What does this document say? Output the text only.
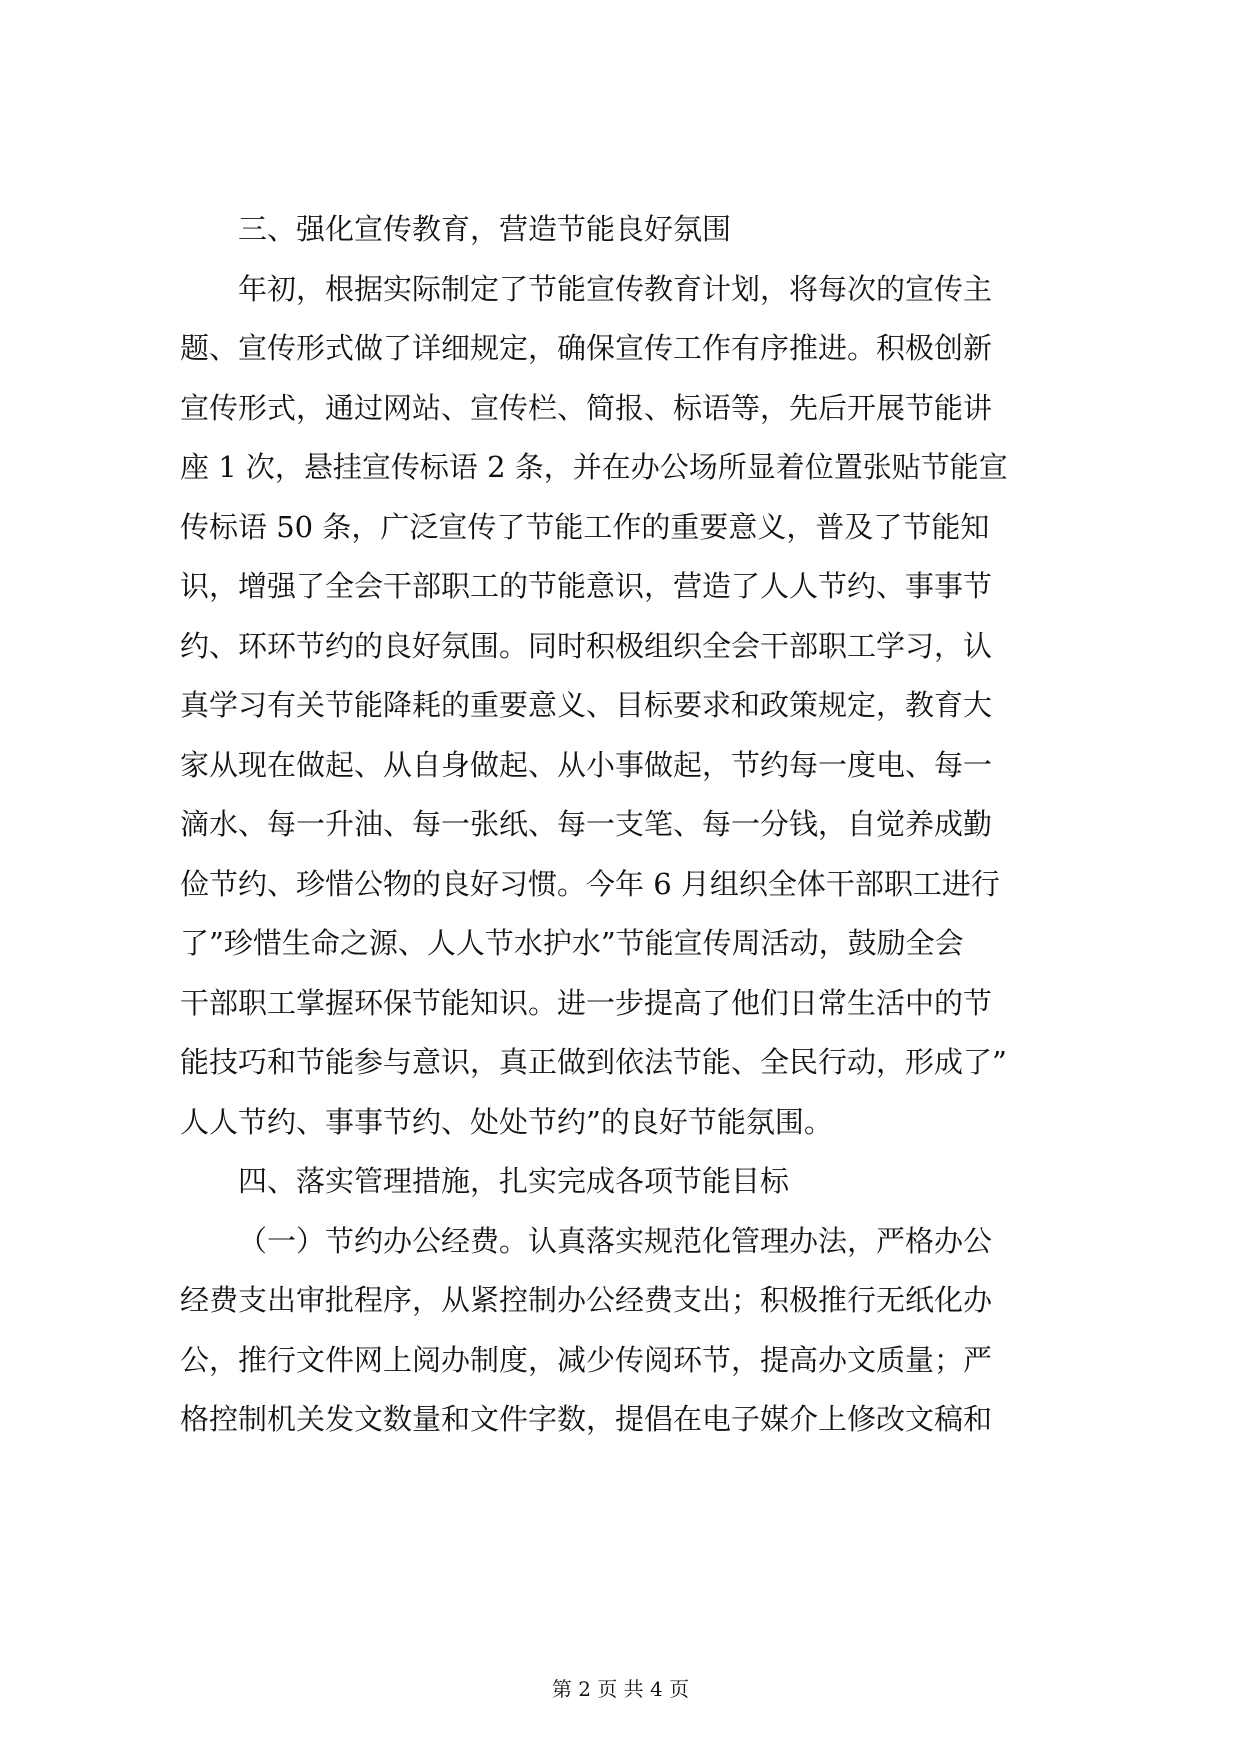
三、强化宣传教育，营造节能良好氛围
年初，根据实际制定了节能宣传教育计划，将每次的宣传主
题、宣传形式做了详细规定，确保宣传工作有序推进。积极创新
宣传形式，通过网站、宣传栏、简报、标语等，先后开展节能讲
座 1 次，悬挂宣传标语 2 条，并在办公场所显着位置张贴节能宣
传标语 50 条，广泛宣传了节能工作的重要意义，普及了节能知
识，增强了全会干部职工的节能意识，营造了人人节约、事事节
约、环环节约的良好氛围。同时积极组织全会干部职工学习，认
真学习有关节能降耗的重要意义、目标要求和政策规定，教育大
家从现在做起、从自身做起、从小事做起，节约每一度电、每一
滴水、每一升油、每一张纸、每一支笔、每一分钱，自觉养成勤
俭节约、珍惜公物的良好习惯。今年 6 月组织全体干部职工进行
了”珍惜生命之源、人人节水护水”节能宣传周活动，鼓励全会
干部职工掌握环保节能知识。进一步提高了他们日常生活中的节
能技巧和节能参与意识，真正做到依法节能、全民行动，形成了”
人人节约、事事节约、处处节约”的良好节能氛围。
四、落实管理措施，扎实完成各项节能目标
（一）节约办公经费。认真落实规范化管理办法，严格办公
经费支出审批程序，从紧控制办公经费支出；积极推行无纸化办
公，推行文件网上阅办制度，减少传阅环节，提高办文质量；严
格控制机关发文数量和文件字数，提倡在电子媒介上修改文稿和
第 2 页 共 4 页
